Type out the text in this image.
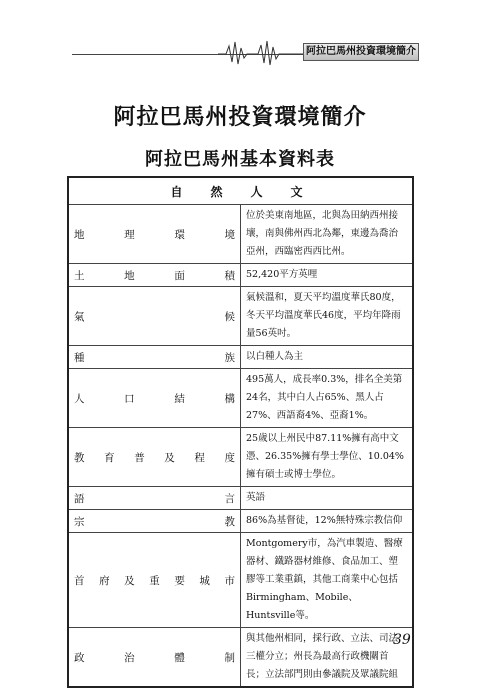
阿拉巴馬州投資環境簡介
阿拉巴馬州投資環境簡介
阿拉巴馬州基本資料表
自　然　人　文	
地理環境	位於美東南地區，北與為田納西州接壤，南與佛州西北為鄰，東邊為喬治亞州，西臨密西西比州。
土地面積	52,420平方英哩
氣候	氣候溫和，夏天平均溫度華氏80度，冬天平均溫度華氏46度，平均年降雨量56英吋。
種族	以白種人為主
人口結構	495萬人，成長率0.3%，排名全美第24名，其中白人占65%、黑人占27%、西語裔4%、亞裔1%。
教育普及程度	25歲以上州民中87.11%擁有高中文憑、26.35%擁有學士學位、10.04%擁有碩士或博士學位。
語言	英語
宗教	86%為基督徒，12%無特殊宗教信仰
首府及重要城市	Montgomery市，為汽車製造、醫療器材、鐵路器材維修、食品加工、塑膠等工業重鎮，其他工商業中心包括Birmingham、Mobile、Huntsville等。
政治體制	與其他州相同，採行政、立法、司法三權分立；州長為最高行政機關首長；立法部門則由參議院及眾議院組
39
